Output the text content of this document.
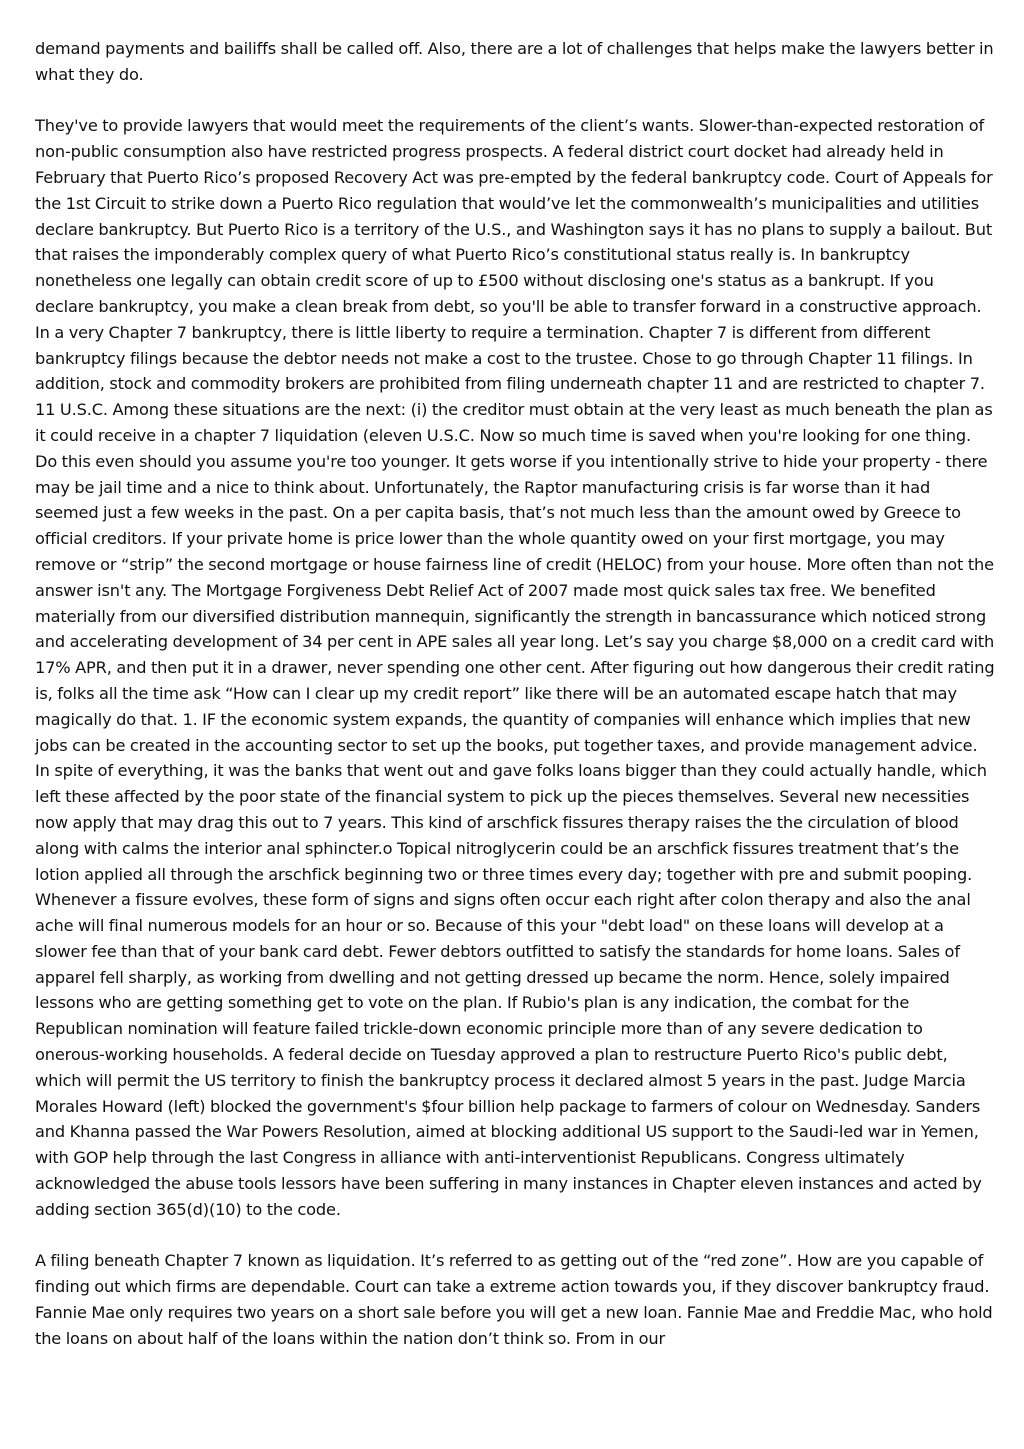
demand payments and bailiffs shall be called off. Also, there are a lot of challenges that helps make the lawyers better in what they do.

They've to provide lawyers that would meet the requirements of the client’s wants. Slower-than-expected restoration of non-public consumption also have restricted progress prospects. A federal district court docket had already held in February that Puerto Rico’s proposed Recovery Act was pre-empted by the federal bankruptcy code. Court of Appeals for the 1st Circuit to strike down a Puerto Rico regulation that would’ve let the commonwealth’s municipalities and utilities declare bankruptcy. But Puerto Rico is a territory of the U.S., and Washington says it has no plans to supply a bailout. But that raises the imponderably complex query of what Puerto Rico’s constitutional status really is. In bankruptcy nonetheless one legally can obtain credit score of up to £500 without disclosing one's status as a bankrupt. If you declare bankruptcy, you make a clean break from debt, so you'll be able to transfer forward in a constructive approach. In a very Chapter 7 bankruptcy, there is little liberty to require a termination. Chapter 7 is different from different bankruptcy filings because the debtor needs not make a cost to the trustee. Chose to go through Chapter 11 filings. In addition, stock and commodity brokers are prohibited from filing underneath chapter 11 and are restricted to chapter 7. 11 U.S.C. Among these situations are the next: (i) the creditor must obtain at the very least as much beneath the plan as it could receive in a chapter 7 liquidation (eleven U.S.C. Now so much time is saved when you're looking for one thing. Do this even should you assume you're too younger. It gets worse if you intentionally strive to hide your property - there may be jail time and a nice to think about. Unfortunately, the Raptor manufacturing crisis is far worse than it had seemed just a few weeks in the past. On a per capita basis, that’s not much less than the amount owed by Greece to official creditors. If your private home is price lower than the whole quantity owed on your first mortgage, you may remove or “strip” the second mortgage or house fairness line of credit (HELOC) from your house. More often than not the answer isn't any. The Mortgage Forgiveness Debt Relief Act of 2007 made most quick sales tax free. We benefited materially from our diversified distribution mannequin, significantly the strength in bancassurance which noticed strong and accelerating development of 34 per cent in APE sales all year long. Let’s say you charge $8,000 on a credit card with 17% APR, and then put it in a drawer, never spending one other cent. After figuring out how dangerous their credit rating is, folks all the time ask “How can I clear up my credit report” like there will be an automated escape hatch that may magically do that. 1. IF the economic system expands, the quantity of companies will enhance which implies that new jobs can be created in the accounting sector to set up the books, put together taxes, and provide management advice. In spite of everything, it was the banks that went out and gave folks loans bigger than they could actually handle, which left these affected by the poor state of the financial system to pick up the pieces themselves. Several new necessities now apply that may drag this out to 7 years. This kind of arschfick fissures therapy raises the the circulation of blood along with calms the interior anal sphincter.o Topical nitroglycerin could be an arschfick fissures treatment that’s the lotion applied all through the arschfick beginning two or three times every day; together with pre and submit pooping. Whenever a fissure evolves, these form of signs and signs often occur each right after colon therapy and also the anal ache will final numerous models for an hour or so. Because of this your "debt load" on these loans will develop at a slower fee than that of your bank card debt. Fewer debtors outfitted to satisfy the standards for home loans. Sales of apparel fell sharply, as working from dwelling and not getting dressed up became the norm. Hence, solely impaired lessons who are getting something get to vote on the plan. If Rubio's plan is any indication, the combat for the Republican nomination will feature failed trickle-down economic principle more than of any severe dedication to onerous-working households. A federal decide on Tuesday approved a plan to restructure Puerto Rico's public debt, which will permit the US territory to finish the bankruptcy process it declared almost 5 years in the past. Judge Marcia Morales Howard (left) blocked the government's $four billion help package to farmers of colour on Wednesday. Sanders and Khanna passed the War Powers Resolution, aimed at blocking additional US support to the Saudi-led war in Yemen, with GOP help through the last Congress in alliance with anti-interventionist Republicans. Congress ultimately acknowledged the abuse tools lessors have been suffering in many instances in Chapter eleven instances and acted by adding section 365(d)(10) to the code.

A filing beneath Chapter 7 known as liquidation. It’s referred to as getting out of the “red zone”. How are you capable of finding out which firms are dependable. Court can take a extreme action towards you, if they discover bankruptcy fraud. Fannie Mae only requires two years on a short sale before you will get a new loan. Fannie Mae and Freddie Mac, who hold the loans on about half of the loans within the nation don’t think so. From in our
